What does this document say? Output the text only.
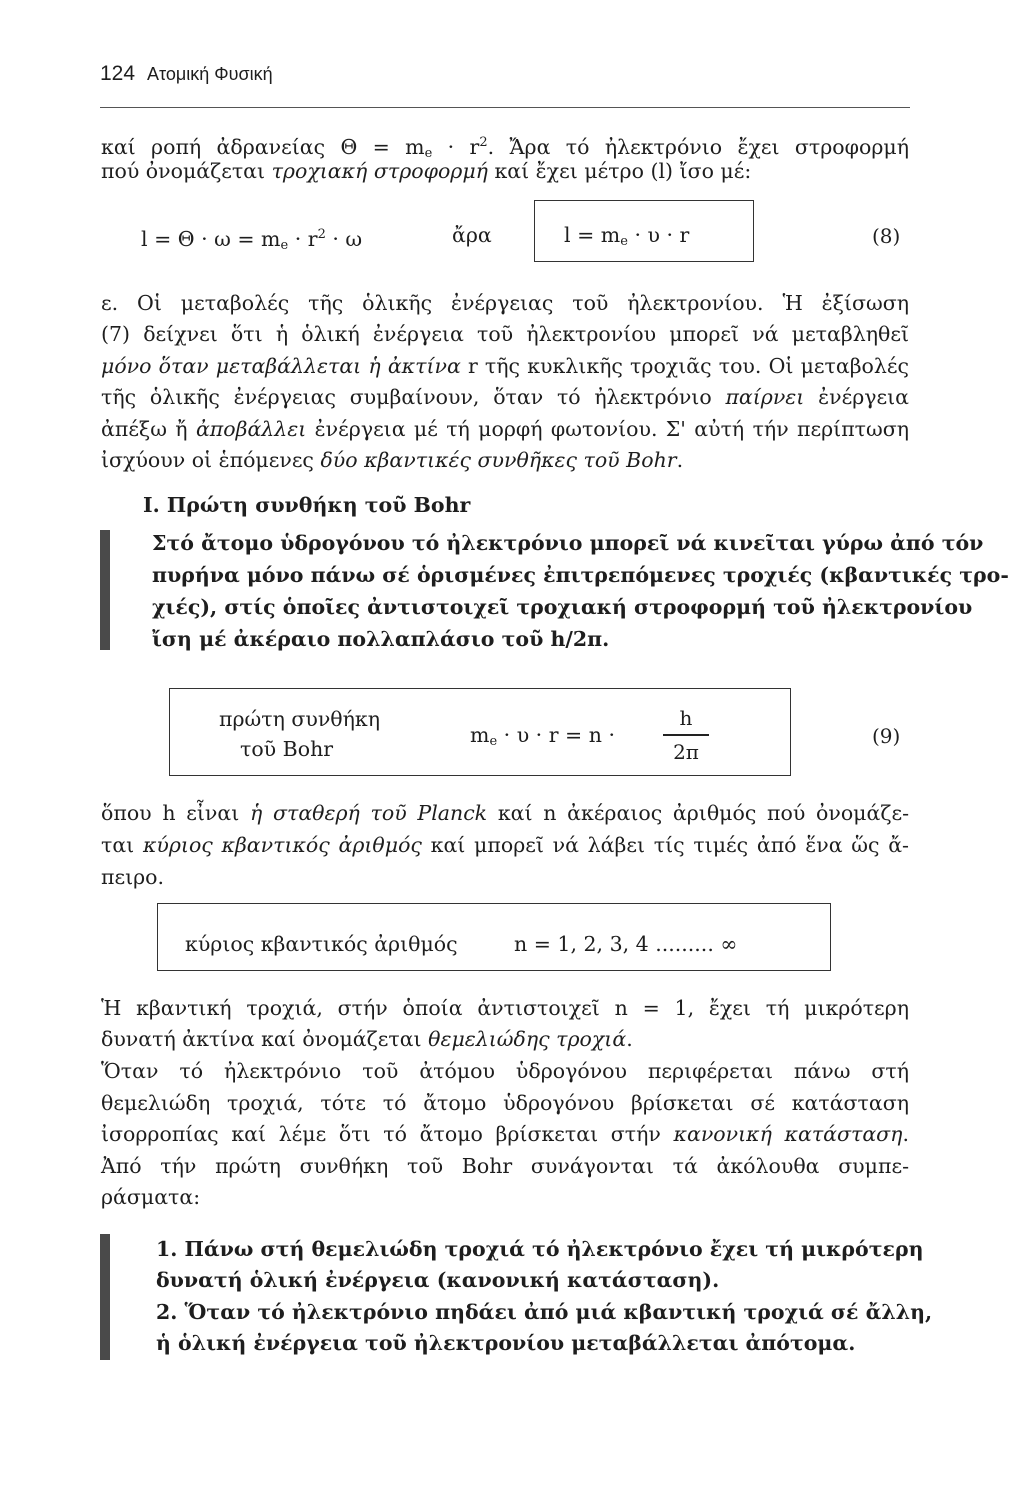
124 Ατομική Φυσική
καί ροπή ἀδρανείας $\Theta = m_e \cdot r^2$. Ἄρα τό ἠλεκτρόνιο ἔχει στροφορμή
πού ὀνομάζεται τροχιακή στροφορμή καί ἔχει μέτρο (l) ἴσο μέ:
$l = \Theta \cdot \omega = m_e \cdot r^2 \cdot \omega$	ἄρα	$l = m_e \cdot \upsilon \cdot r$	(8)
ε. Οἱ μεταβολές τῆς ὁλικῆς ἐνέργειας τοῦ ἠλεκτρονίου. Ἡ ἐξίσωση
(7) δείχνει ὅτι ἡ ὁλική ἐνέργεια τοῦ ἠλεκτρονίου μπορεῖ νά μεταβληθεῖ
μόνο ὅταν μεταβάλλεται ἡ ἀκτίνα r τῆς κυκλικῆς τροχιᾶς του. Οἱ μεταβολές
τῆς ὁλικῆς ἐνέργειας συμβαίνουν, ὅταν τό ἠλεκτρόνιο παίρνει ἐνέργεια
ἀπέξω ἤ ἀποβάλλει ἐνέργεια μέ τή μορφή φωτονίου. Σ' αὐτή τήν περίπτωση
ἰσχύουν οἱ ἑπόμενες δύο κβαντικές συνθῆκες τοῦ Bohr.
I. Πρώτη συνθήκη τοῦ Bohr
Στό ἄτομο ὑδρογόνου τό ἠλεκτρόνιο μπορεῖ νά κινεῖται γύρω ἀπό τόν
πυρήνα μόνο πάνω σέ ὁρισμένες ἐπιτρεπόμενες τροχιές (κβαντικές τρο-
χιές), στίς ὁποῖες ἀντιστοιχεῖ τροχιακή στροφορμή τοῦ ἠλεκτρονίου
ἴση μέ ἀκέραιο πολλαπλάσιο τοῦ h/2π.
πρώτη συνθήκη
τοῦ Bohr
$m_e \cdot \upsilon \cdot r = n$ ·
h
2π
(9)
ὅπου h εἶναι ἡ σταθερή τοῦ Planck καί n ἀκέραιος ἀριθμός πού ὀνομάζε-
ται κύριος κβαντικός ἀριθμός καί μπορεῖ νά λάβει τίς τιμές ἀπό ἕνα ὥς ἄ-
πειρο.
κύριος κβαντικός ἀριθμός	n = 1, 2, 3, 4 ......... ∞
Ἡ κβαντική τροχιά, στήν ὁποία ἀντιστοιχεῖ n = 1, ἔχει τή μικρότερη
δυνατή ἀκτίνα καί ὀνομάζεται θεμελιώδης τροχιά.
Ὅταν τό ἠλεκτρόνιο τοῦ ἀτόμου ὑδρογόνου περιφέρεται πάνω στή
θεμελιώδη τροχιά, τότε τό ἄτομο ὑδρογόνου βρίσκεται σέ κατάσταση
ἰσορροπίας καί λέμε ὅτι τό ἄτομο βρίσκεται στήν κανονική κατάσταση.
Ἀπό τήν πρώτη συνθήκη τοῦ Bohr συνάγονται τά ἀκόλουθα συμπε-
ράσματα:
1. Πάνω στή θεμελιώδη τροχιά τό ἠλεκτρόνιο ἔχει τή μικρότερη
δυνατή ὁλική ἐνέργεια (κανονική κατάσταση).
2. Ὅταν τό ἠλεκτρόνιο πηδάει ἀπό μιά κβαντική τροχιά σέ ἄλλη,
ἡ ὁλική ἐνέργεια τοῦ ἠλεκτρονίου μεταβάλλεται ἀπότομα.
